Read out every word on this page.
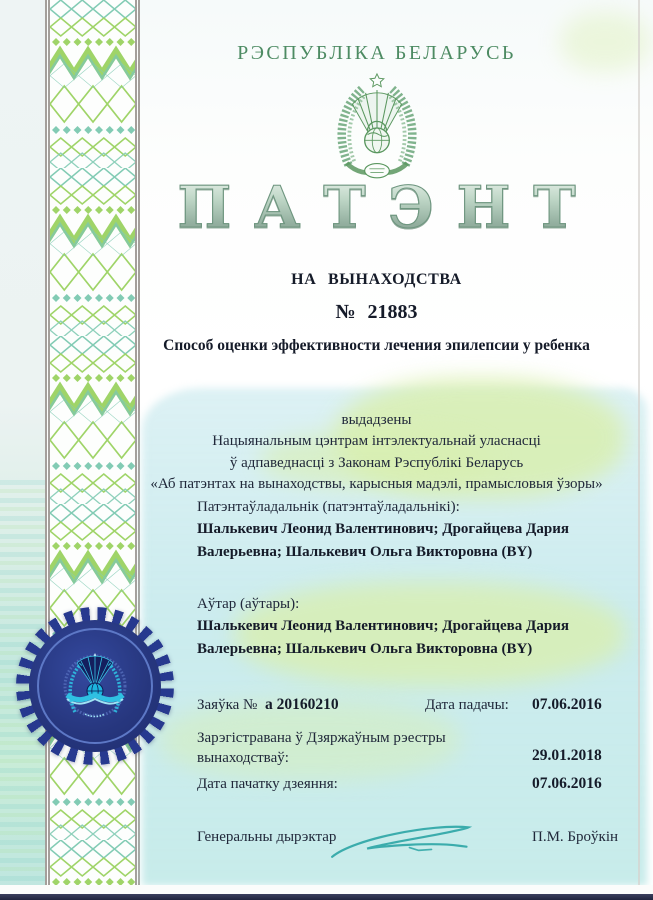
РЭСПУБЛІКА БЕЛАРУСЬ
ПАТЭНТ
НА ВЫНАХОДСТВА
№ 21883
Способ оценки эффективности лечения эпилепсии у ребенка
выдадзены
Нацыянальным цэнтрам інтэлектуальнай уласнасці
ў адпаведнасці з Законам Рэспублікі Беларусь
«Аб патэнтах на вынаходствы, карысныя мадэлі, прамысловыя ўзоры»
Патэнтаўладальнік (патэнтаўладальнікі):
Шалькевич Леонид Валентинович; Дрогайцева Дария Валерьевна; Шалькевич Ольга Викторовна (BY)
Аўтар (аўтары):
Шалькевич Леонид Валентинович; Дрогайцева Дария Валерьевна; Шалькевич Ольга Викторовна (BY)
Заяўка № а 20160210	Дата падачы: 07.06.2016
Зарэгістравана ў Дзяржаўным рэестры вынаходстваў:	29.01.2018
Дата пачатку дзеяння:	07.06.2016
Генеральны дырэктар	П.М. Броўкін
